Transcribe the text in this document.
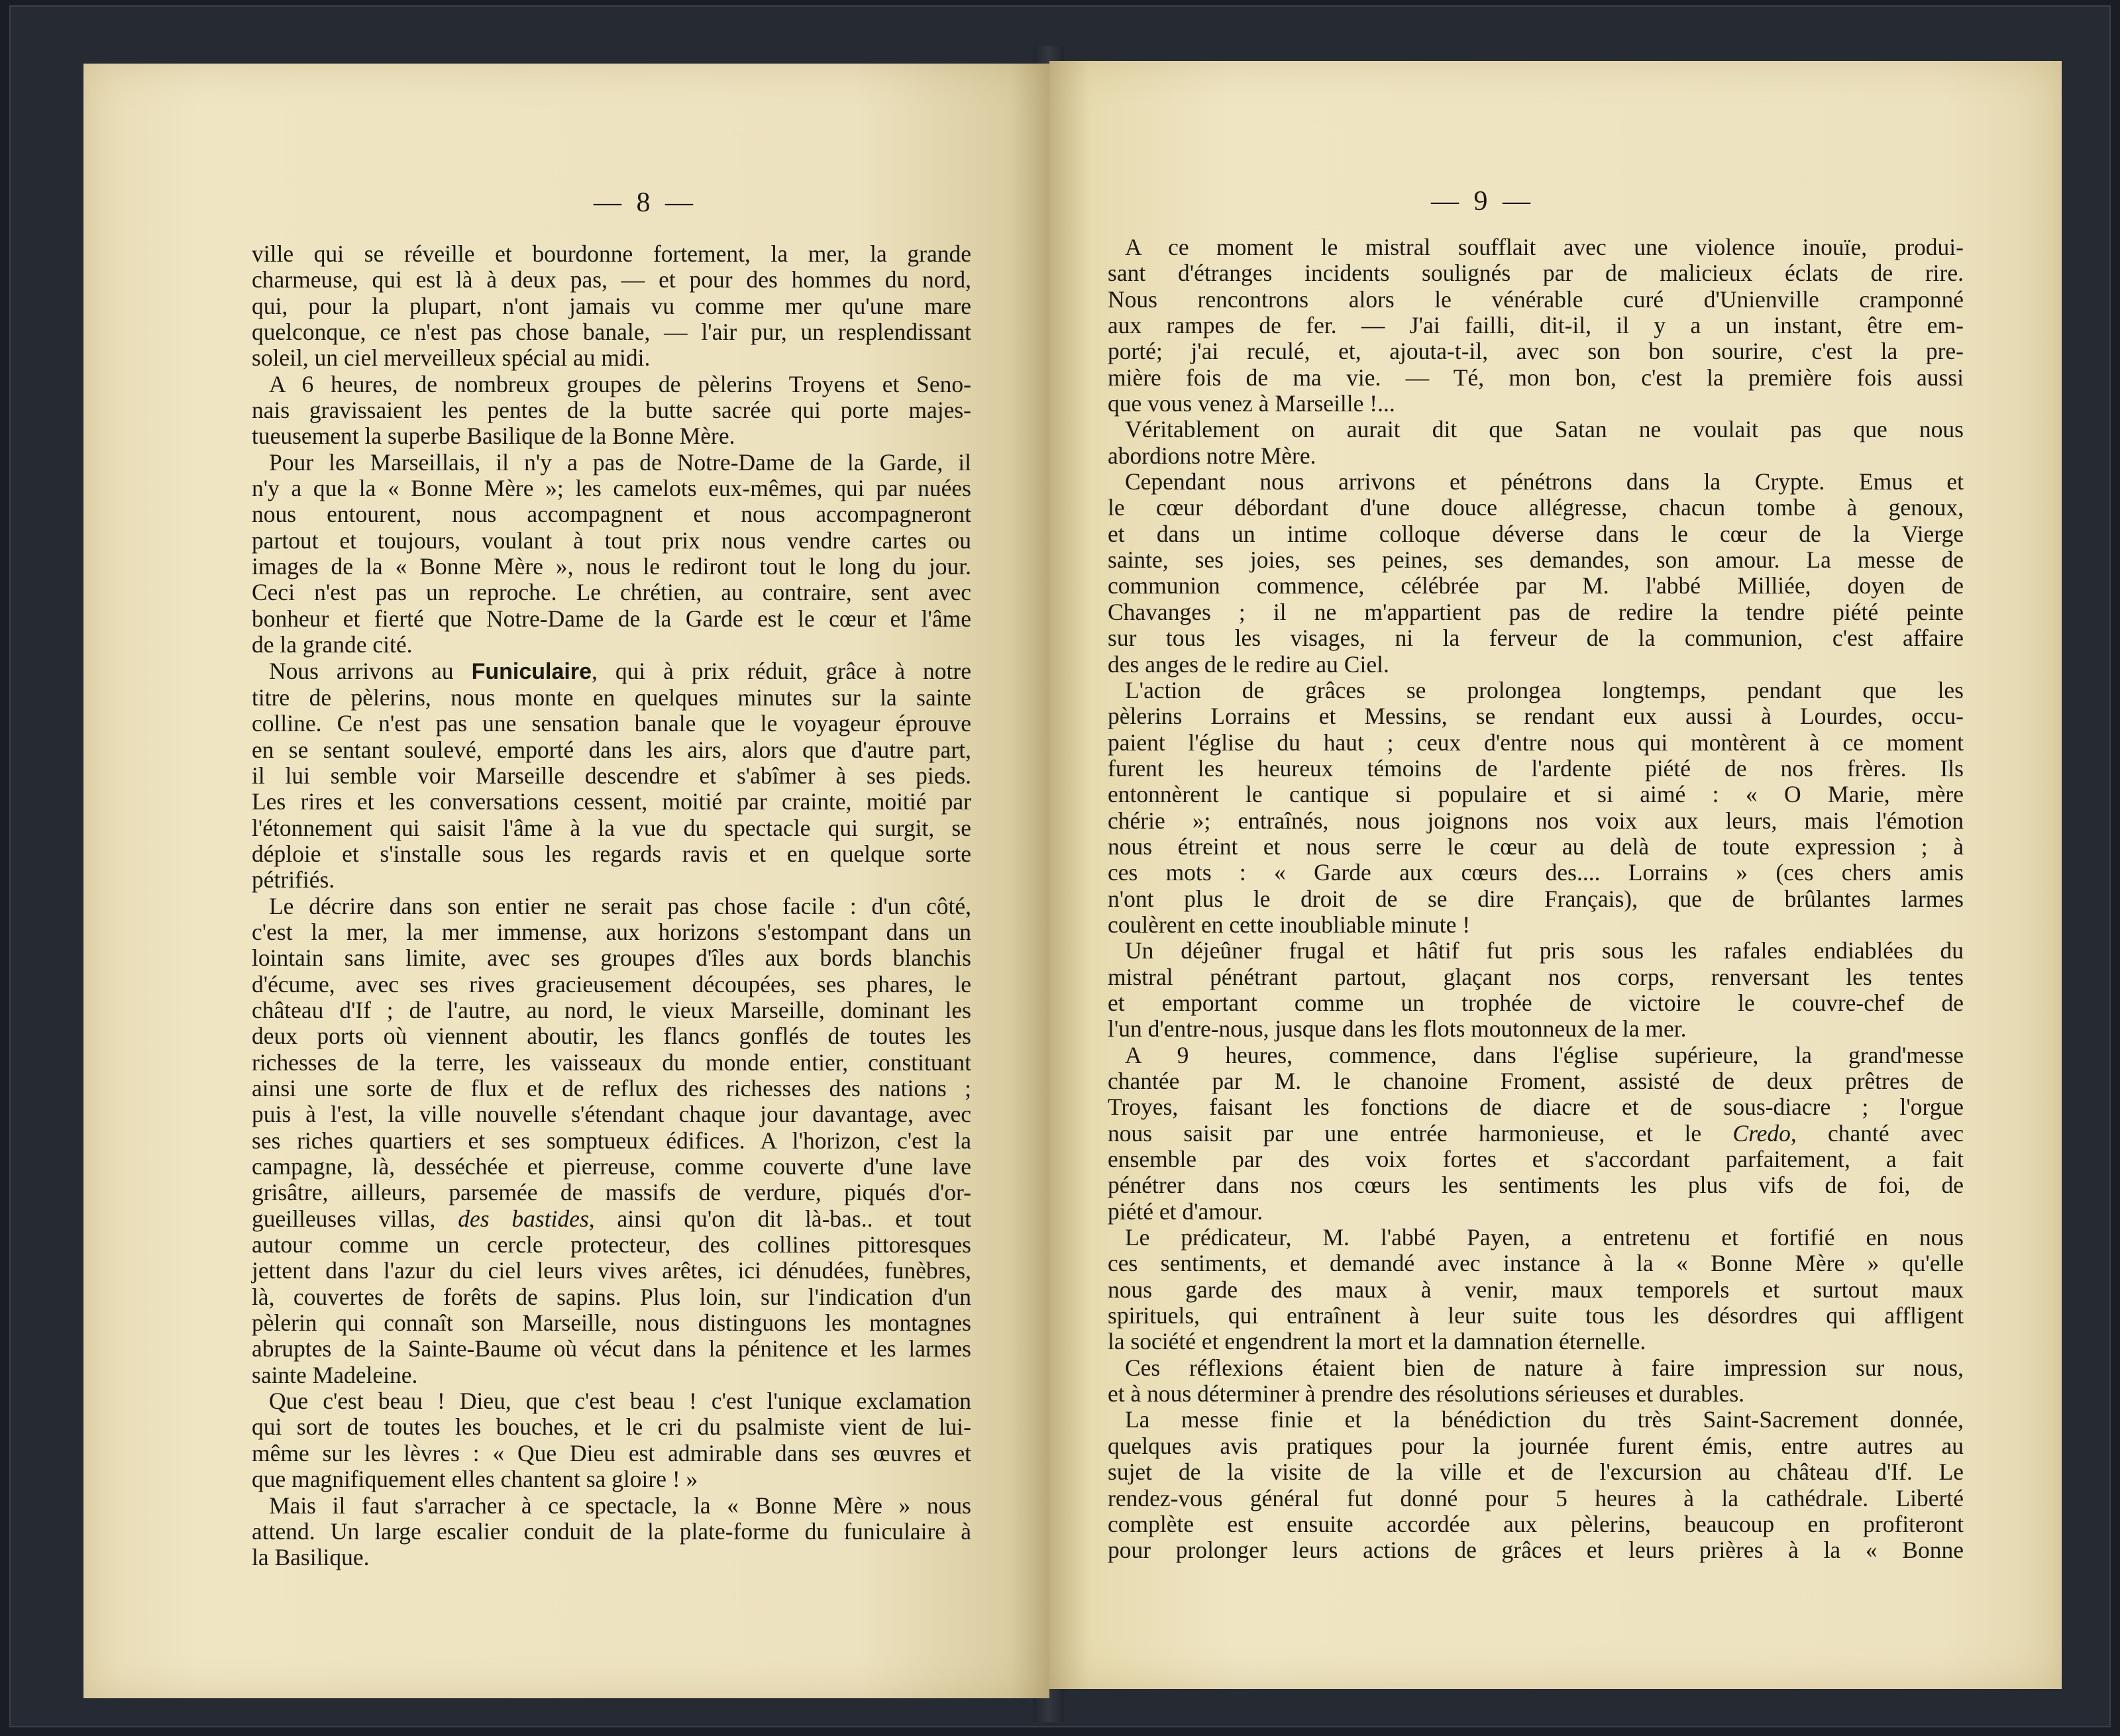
— 8 —

ville qui se réveille et bourdonne fortement, la mer, la grande

charmeuse, qui est là à deux pas, — et pour des hommes du nord,

qui, pour la plupart, n'ont jamais vu comme mer qu'une mare

quelconque, ce n'est pas chose banale, — l'air pur, un resplendissant

soleil, un ciel merveilleux spécial au midi.

A 6 heures, de nombreux groupes de pèlerins Troyens et Seno-

nais gravissaient les pentes de la butte sacrée qui porte majes-

tueusement la superbe Basilique de la Bonne Mère.

Pour les Marseillais, il n'y a pas de Notre-Dame de la Garde, il

n'y a que la « Bonne Mère »; les camelots eux-mêmes, qui par nuées

nous entourent, nous accompagnent et nous accompagneront

partout et toujours, voulant à tout prix nous vendre cartes ou

images de la « Bonne Mère », nous le rediront tout le long du jour.

Ceci n'est pas un reproche. Le chrétien, au contraire, sent avec

bonheur et fierté que Notre-Dame de la Garde est le cœur et l'âme

de la grande cité.

Nous arrivons au Funiculaire, qui à prix réduit, grâce à notre

titre de pèlerins, nous monte en quelques minutes sur la sainte

colline. Ce n'est pas une sensation banale que le voyageur éprouve

en se sentant soulevé, emporté dans les airs, alors que d'autre part,

il lui semble voir Marseille descendre et s'abîmer à ses pieds.

Les rires et les conversations cessent, moitié par crainte, moitié par

l'étonnement qui saisit l'âme à la vue du spectacle qui surgit, se

déploie et s'installe sous les regards ravis et en quelque sorte

pétrifiés.

Le décrire dans son entier ne serait pas chose facile : d'un côté,

c'est la mer, la mer immense, aux horizons s'estompant dans un

lointain sans limite, avec ses groupes d'îles aux bords blanchis

d'écume, avec ses rives gracieusement découpées, ses phares, le

château d'If ; de l'autre, au nord, le vieux Marseille, dominant les

deux ports où viennent aboutir, les flancs gonflés de toutes les

richesses de la terre, les vaisseaux du monde entier, constituant

ainsi une sorte de flux et de reflux des richesses des nations ;

puis à l'est, la ville nouvelle s'étendant chaque jour davantage, avec

ses riches quartiers et ses somptueux édifices. A l'horizon, c'est la

campagne, là, desséchée et pierreuse, comme couverte d'une lave

grisâtre, ailleurs, parsemée de massifs de verdure, piqués d'or-

gueilleuses villas, des bastides, ainsi qu'on dit là-bas.. et tout

autour comme un cercle protecteur, des collines pittoresques

jettent dans l'azur du ciel leurs vives arêtes, ici dénudées, funèbres,

là, couvertes de forêts de sapins. Plus loin, sur l'indication d'un

pèlerin qui connaît son Marseille, nous distinguons les montagnes

abruptes de la Sainte-Baume où vécut dans la pénitence et les larmes

sainte Madeleine.

Que c'est beau ! Dieu, que c'est beau ! c'est l'unique exclamation

qui sort de toutes les bouches, et le cri du psalmiste vient de lui-

même sur les lèvres : « Que Dieu est admirable dans ses œuvres et

que magnifiquement elles chantent sa gloire ! »

Mais il faut s'arracher à ce spectacle, la « Bonne Mère » nous

attend. Un large escalier conduit de la plate-forme du funiculaire à

la Basilique.

— 9 —

A ce moment le mistral soufflait avec une violence inouïe, produi-

sant d'étranges incidents soulignés par de malicieux éclats de rire.

Nous rencontrons alors le vénérable curé d'Unienville cramponné

aux rampes de fer. — J'ai failli, dit-il, il y a un instant, être em-

porté; j'ai reculé, et, ajouta-t-il, avec son bon sourire, c'est la pre-

mière fois de ma vie. — Té, mon bon, c'est la première fois aussi

que vous venez à Marseille !...

Véritablement on aurait dit que Satan ne voulait pas que nous

abordions notre Mère.

Cependant nous arrivons et pénétrons dans la Crypte. Emus et

le cœur débordant d'une douce allégresse, chacun tombe à genoux,

et dans un intime colloque déverse dans le cœur de la Vierge

sainte, ses joies, ses peines, ses demandes, son amour. La messe de

communion commence, célébrée par M. l'abbé Milliée, doyen de

Chavanges ; il ne m'appartient pas de redire la tendre piété peinte

sur tous les visages, ni la ferveur de la communion, c'est affaire

des anges de le redire au Ciel.

L'action de grâces se prolongea longtemps, pendant que les

pèlerins Lorrains et Messins, se rendant eux aussi à Lourdes, occu-

paient l'église du haut ; ceux d'entre nous qui montèrent à ce moment

furent les heureux témoins de l'ardente piété de nos frères. Ils

entonnèrent le cantique si populaire et si aimé : « O Marie, mère

chérie »; entraînés, nous joignons nos voix aux leurs, mais l'émotion

nous étreint et nous serre le cœur au delà de toute expression ; à

ces mots : « Garde aux cœurs des.... Lorrains » (ces chers amis

n'ont plus le droit de se dire Français), que de brûlantes larmes

coulèrent en cette inoubliable minute !

Un déjeûner frugal et hâtif fut pris sous les rafales endiablées du

mistral pénétrant partout, glaçant nos corps, renversant les tentes

et emportant comme un trophée de victoire le couvre-chef de

l'un d'entre-nous, jusque dans les flots moutonneux de la mer.

A 9 heures, commence, dans l'église supérieure, la grand'messe

chantée par M. le chanoine Froment, assisté de deux prêtres de

Troyes, faisant les fonctions de diacre et de sous-diacre ; l'orgue

nous saisit par une entrée harmonieuse, et le Credo, chanté avec

ensemble par des voix fortes et s'accordant parfaitement, a fait

pénétrer dans nos cœurs les sentiments les plus vifs de foi, de

piété et d'amour.

Le prédicateur, M. l'abbé Payen, a entretenu et fortifié en nous

ces sentiments, et demandé avec instance à la « Bonne Mère » qu'elle

nous garde des maux à venir, maux temporels et surtout maux

spirituels, qui entraînent à leur suite tous les désordres qui affligent

la société et engendrent la mort et la damnation éternelle.

Ces réflexions étaient bien de nature à faire impression sur nous,

et à nous déterminer à prendre des résolutions sérieuses et durables.

La messe finie et la bénédiction du très Saint-Sacrement donnée,

quelques avis pratiques pour la journée furent émis, entre autres au

sujet de la visite de la ville et de l'excursion au château d'If. Le

rendez-vous général fut donné pour 5 heures à la cathédrale. Liberté

complète est ensuite accordée aux pèlerins, beaucoup en profiteront

pour prolonger leurs actions de grâces et leurs prières à la « Bonne
